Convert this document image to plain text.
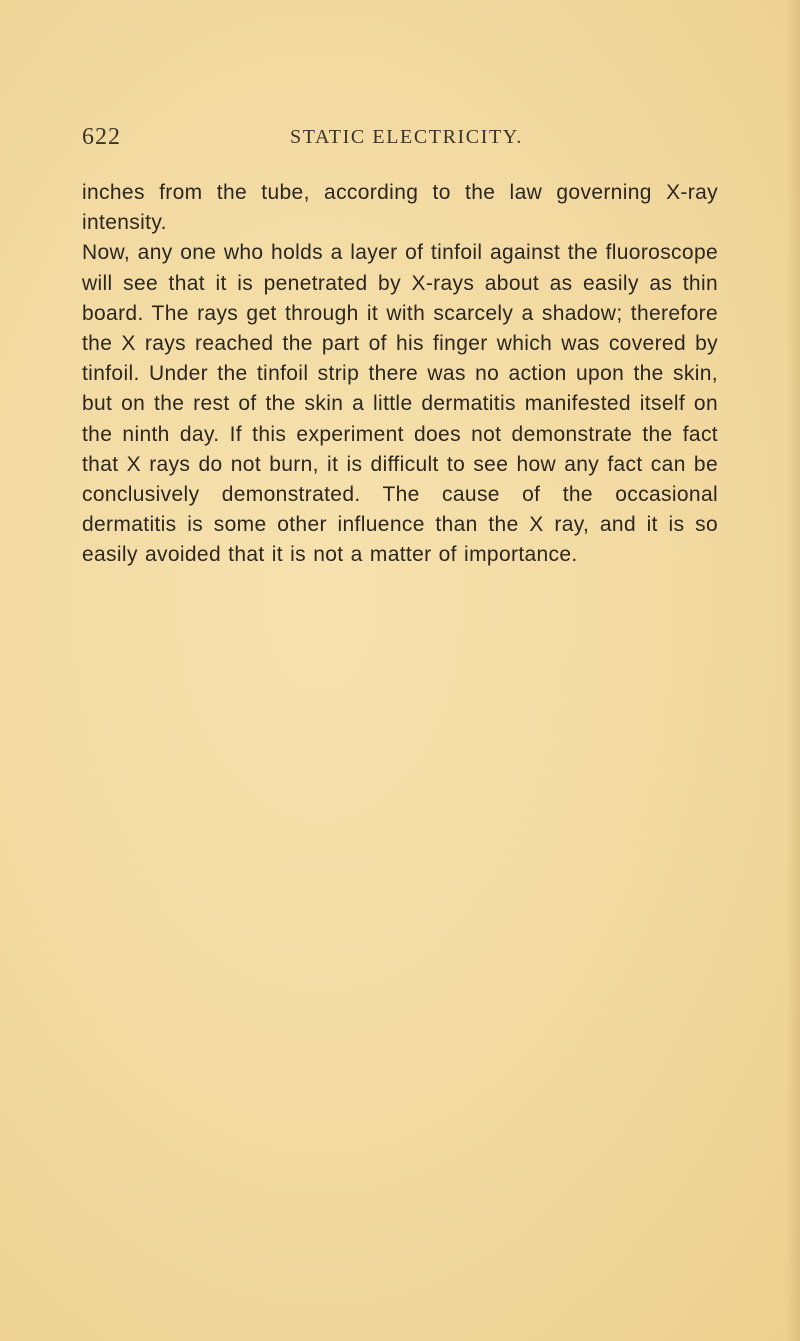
622	STATIC ELECTRICITY.

inches from the tube, according to the law governing X-ray intensity.

Now, any one who holds a layer of tinfoil against the fluoroscope will see that it is penetrated by X-rays about as easily as thin board. The rays get through it with scarcely a shadow; therefore the X rays reached the part of his finger which was covered by tinfoil. Under the tinfoil strip there was no action upon the skin, but on the rest of the skin a little dermatitis manifested itself on the ninth day. If this experiment does not demonstrate the fact that X rays do not burn, it is difficult to see how any fact can be conclusively demonstrated. The cause of the occasional dermatitis is some other influence than the X ray, and it is so easily avoided that it is not a matter of importance.
